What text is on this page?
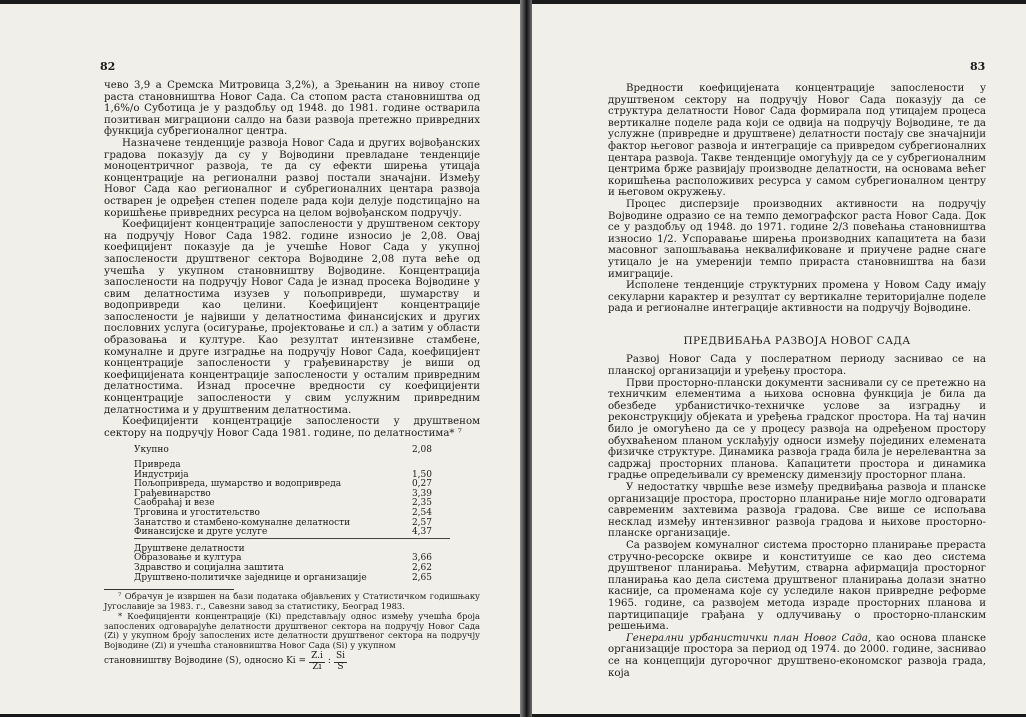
82

чево 3,9 a Сремска Митровица 3,2%), a Зрењанин на нивоу стопе раста становништва Новог Сада. Са стопом раста становништва од 1,6%/о Суботица је у раздобљу од 1948. до 1981. године остварила позитиван миграциони салдо на бази развоја претежно привредних функција субрегионалног центра.

Назначене тенденције развоја Новог Сада и других војвођанских градова показују да су у Војводини превладане тенденције моноцентричног развоја, те да су ефекти ширења утицаја концентрације на регионални развој постали значајни. Између Новог Сада као регионалног и субрегионалних центара развоја остварен је одређен степен поделе рада који делује подстицајно на коришћење привредних ресурса на целом војвођанском подручју.

Коефицијент концентрације запослености у друштвеном сектору на подручју Новог Сада 1982. године износио је 2,08. Овај коефицијент показује да је учешће Новог Сада у укупној запослености друштвеног сектора Војводине 2,08 пута веће од учешћа у укупном становништву Војводине. Концентрација запослености на подручју Новог Сада је изнад просека Војводине у свим делатностима изузев у пољопривреди, шумарству и водопривреди као целини. Коефицијент концентрације запослености је највиши у делатностима финансијских и других пословних услуга (осигурање, пројектовање и сл.) a затим у области образовања и културе. Као резултат интензивне стамбене, комуналне и друге изградње на подручју Новог Сада, коефицијент концентрације запослености у грађевинарству је виши од коефицијената концентрације запослености у осталим привредним делатностима. Изнад просечне вредности су коефицијенти концентрације запослености у свим услужним привредним делатностима и у друштвеним делатностима.

Коефицијенти концентрације запослености у друштвеном сектору на подручју Новог Сада 1981. године, по делатностима* ⁷

Укупно	2,08
Привреда	
Индустрија	1,50
Пољопривреда, шумарство и водопривреда	0,27
Грађевинарство	3,39
Саобраћај и везе	2,35
Трговина и угоститељство	2,54
Занатство и стамбено-комуналне делатности	2,57
Финансијске и друге услуге	4,37
Друштвене делатности	
Образовање и култура	3,66
Здравство и социјална заштита	2,62
Друштвено-политичке заједнице и организације	2,65

⁷ Обрачун је извршен на бази података објављених у Статистичком годишњаку Југославије за 1983. г., Савезни завод за статистику, Београд 1983.

* Коефицијенти концентрације (Ki) представљају однос између учешћа броја запослених одговарајуће делатности друштвеног сектора на подручју Новог Сада (Zi) у укупном броју запослених исте делатности друштвеног сектора на подручју Војводине (Zi) и учешћа становништва Новог Сада (Si) у укупном

становништву Војводине (S), односно $Ki = \frac{Z.i}{Zi}$ : $\frac{Si}{S}$
83

Вредности коефицијената концентрације запослености у друштвеном сектору на подручју Новог Сада показују да се структура делатности Новог Сада формирала под утицајем процеса вертикалне поделе рада који се одвија на подручју Војводине, те да услужне (привредне и друштвене) делатности постају све значајнији фактор његовог развоја и интеграције са привредом субрегионалних центара развоја. Такве тенденције омогућују да се у субрегионалним центрима брже развијају производне делатности, на основама већег коришћења расположивих ресурса у самом субрегионалном центру и његовом окружењу.

Процес дисперзије производних активности на подручју Војводине одразио се на темпо демографског раста Новог Сада. Док се у раздобљу од 1948. до 1971. године 2/3 повећања становништва износио 1/2. Успоравање ширења производних капацитета на бази масовног запошљавања неквалификоване и приучене радне снаге утицало је на умеренији темпо прираста становништва на бази имиграције.

Исполене тенденције структурних промена у Новом Саду имају секуларни карактер и резултат су вертикалне територијалне поделе рада и регионалне интеграције активности на подручју Војводине.

ПРЕДВИБАЊА РАЗВОЈА НОВОГ САДА

Развој Новог Сада у послератном периоду заснивао се на планској организацији и уређењу простора.

Први просторно-плански документи заснивали су се претежно на техничким елементима а њихова основна функција је била да обезбеде урбанистичко-техничке услове за изградњу и реконструкцију објеката и уређења градског простора. На тај начин било је омогућено да се у процесу развоја на одређеном простору обухваћеном планом усклађују односи између појединих елемената физичке структуре. Динамика развоја града била је нерелевантна за садржај просторних планова. Капацитети простора и динамика градње опредељивали су временску димензију просторног плана.

У недостатку чвршће везе између предвиђања развоја и планске организације простора, просторно планирање није могло одговарати савременим захтевима развоја градова. Све више се испољава несклад између интензивног развоја градова и њихове просторно-планске организације.

Са развојем комуналног система просторно планирање прераста стручно-ресорске оквире и конституише се као део система друштвеног планирања. Међутим, стварна афирмација просторног планирања као дела система друштвеног планирања долази знатно касније, са променама које су уследиле након привредне реформе 1965. године, са развојем метода израде просторних планова и партиципације грађана у одлучивању о просторно-планским решењима.

Генерални урбанистички план Новог Сада, као основа планске организације простора за период од 1974. до 2000. године, заснивао се на концепцији дугорочног друштвено-економског развоја града, која
